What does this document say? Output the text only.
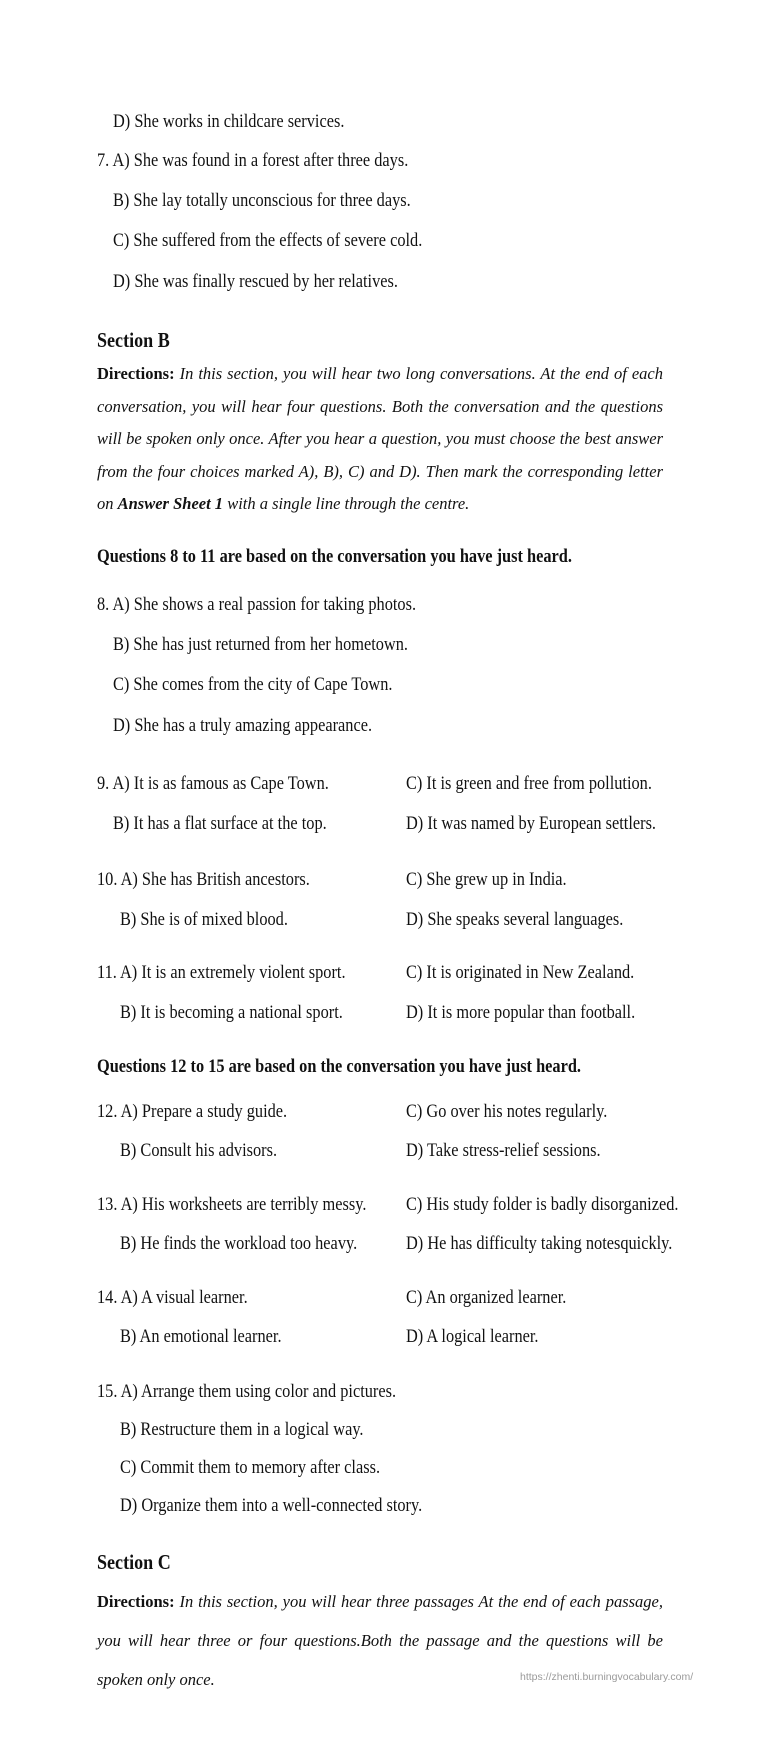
D) She works in childcare services.
7. A) She was found in a forest after three days.
B) She lay totally unconscious for three days.
C) She suffered from the effects of severe cold.
D) She was finally rescued by her relatives.
Section B
Directions: In this section, you will hear two long conversations. At the end of each conversation, you will hear four questions. Both the conversation and the questions will be spoken only once. After you hear a question, you must choose the best answer from the four choices marked A), B), C) and D). Then mark the corresponding letter on Answer Sheet 1 with a single line through the centre.
Questions 8 to 11 are based on the conversation you have just heard.
8. A) She shows a real passion for taking photos.
B) She has just returned from her hometown.
C) She comes from the city of Cape Town.
D) She has a truly amazing appearance.
9. A) It is as famous as Cape Town.	C) It is green and free from pollution.
B) It has a flat surface at the top.	D) It was named by European settlers.
10. A) She has British ancestors.	C) She grew up in India.
B) She is of mixed blood.	D) She speaks several languages.
11. A) It is an extremely violent sport.	C) It is originated in New Zealand.
B) It is becoming a national sport.	D) It is more popular than football.
Questions 12 to 15 are based on the conversation you have just heard.
12. A) Prepare a study guide.	C) Go over his notes regularly.
B) Consult his advisors.	D) Take stress-relief sessions.
13. A) His worksheets are terribly messy. C) His study folder is badly disorganized.
B) He finds the workload too heavy.	D) He has difficulty taking notesquickly.
14. A) A visual learner.	C) An organized learner.
B) An emotional learner.	D) A logical learner.
15. A) Arrange them using color and pictures.
B) Restructure them in a logical way.
C) Commit them to memory after class.
D) Organize them into a well-connected story.
Section C
Directions: In this section, you will hear three passages At the end of each passage, you will hear three or four questions.Both the passage and the questions will be spoken only once.	https://zhenti.burningvocabulary.com/
